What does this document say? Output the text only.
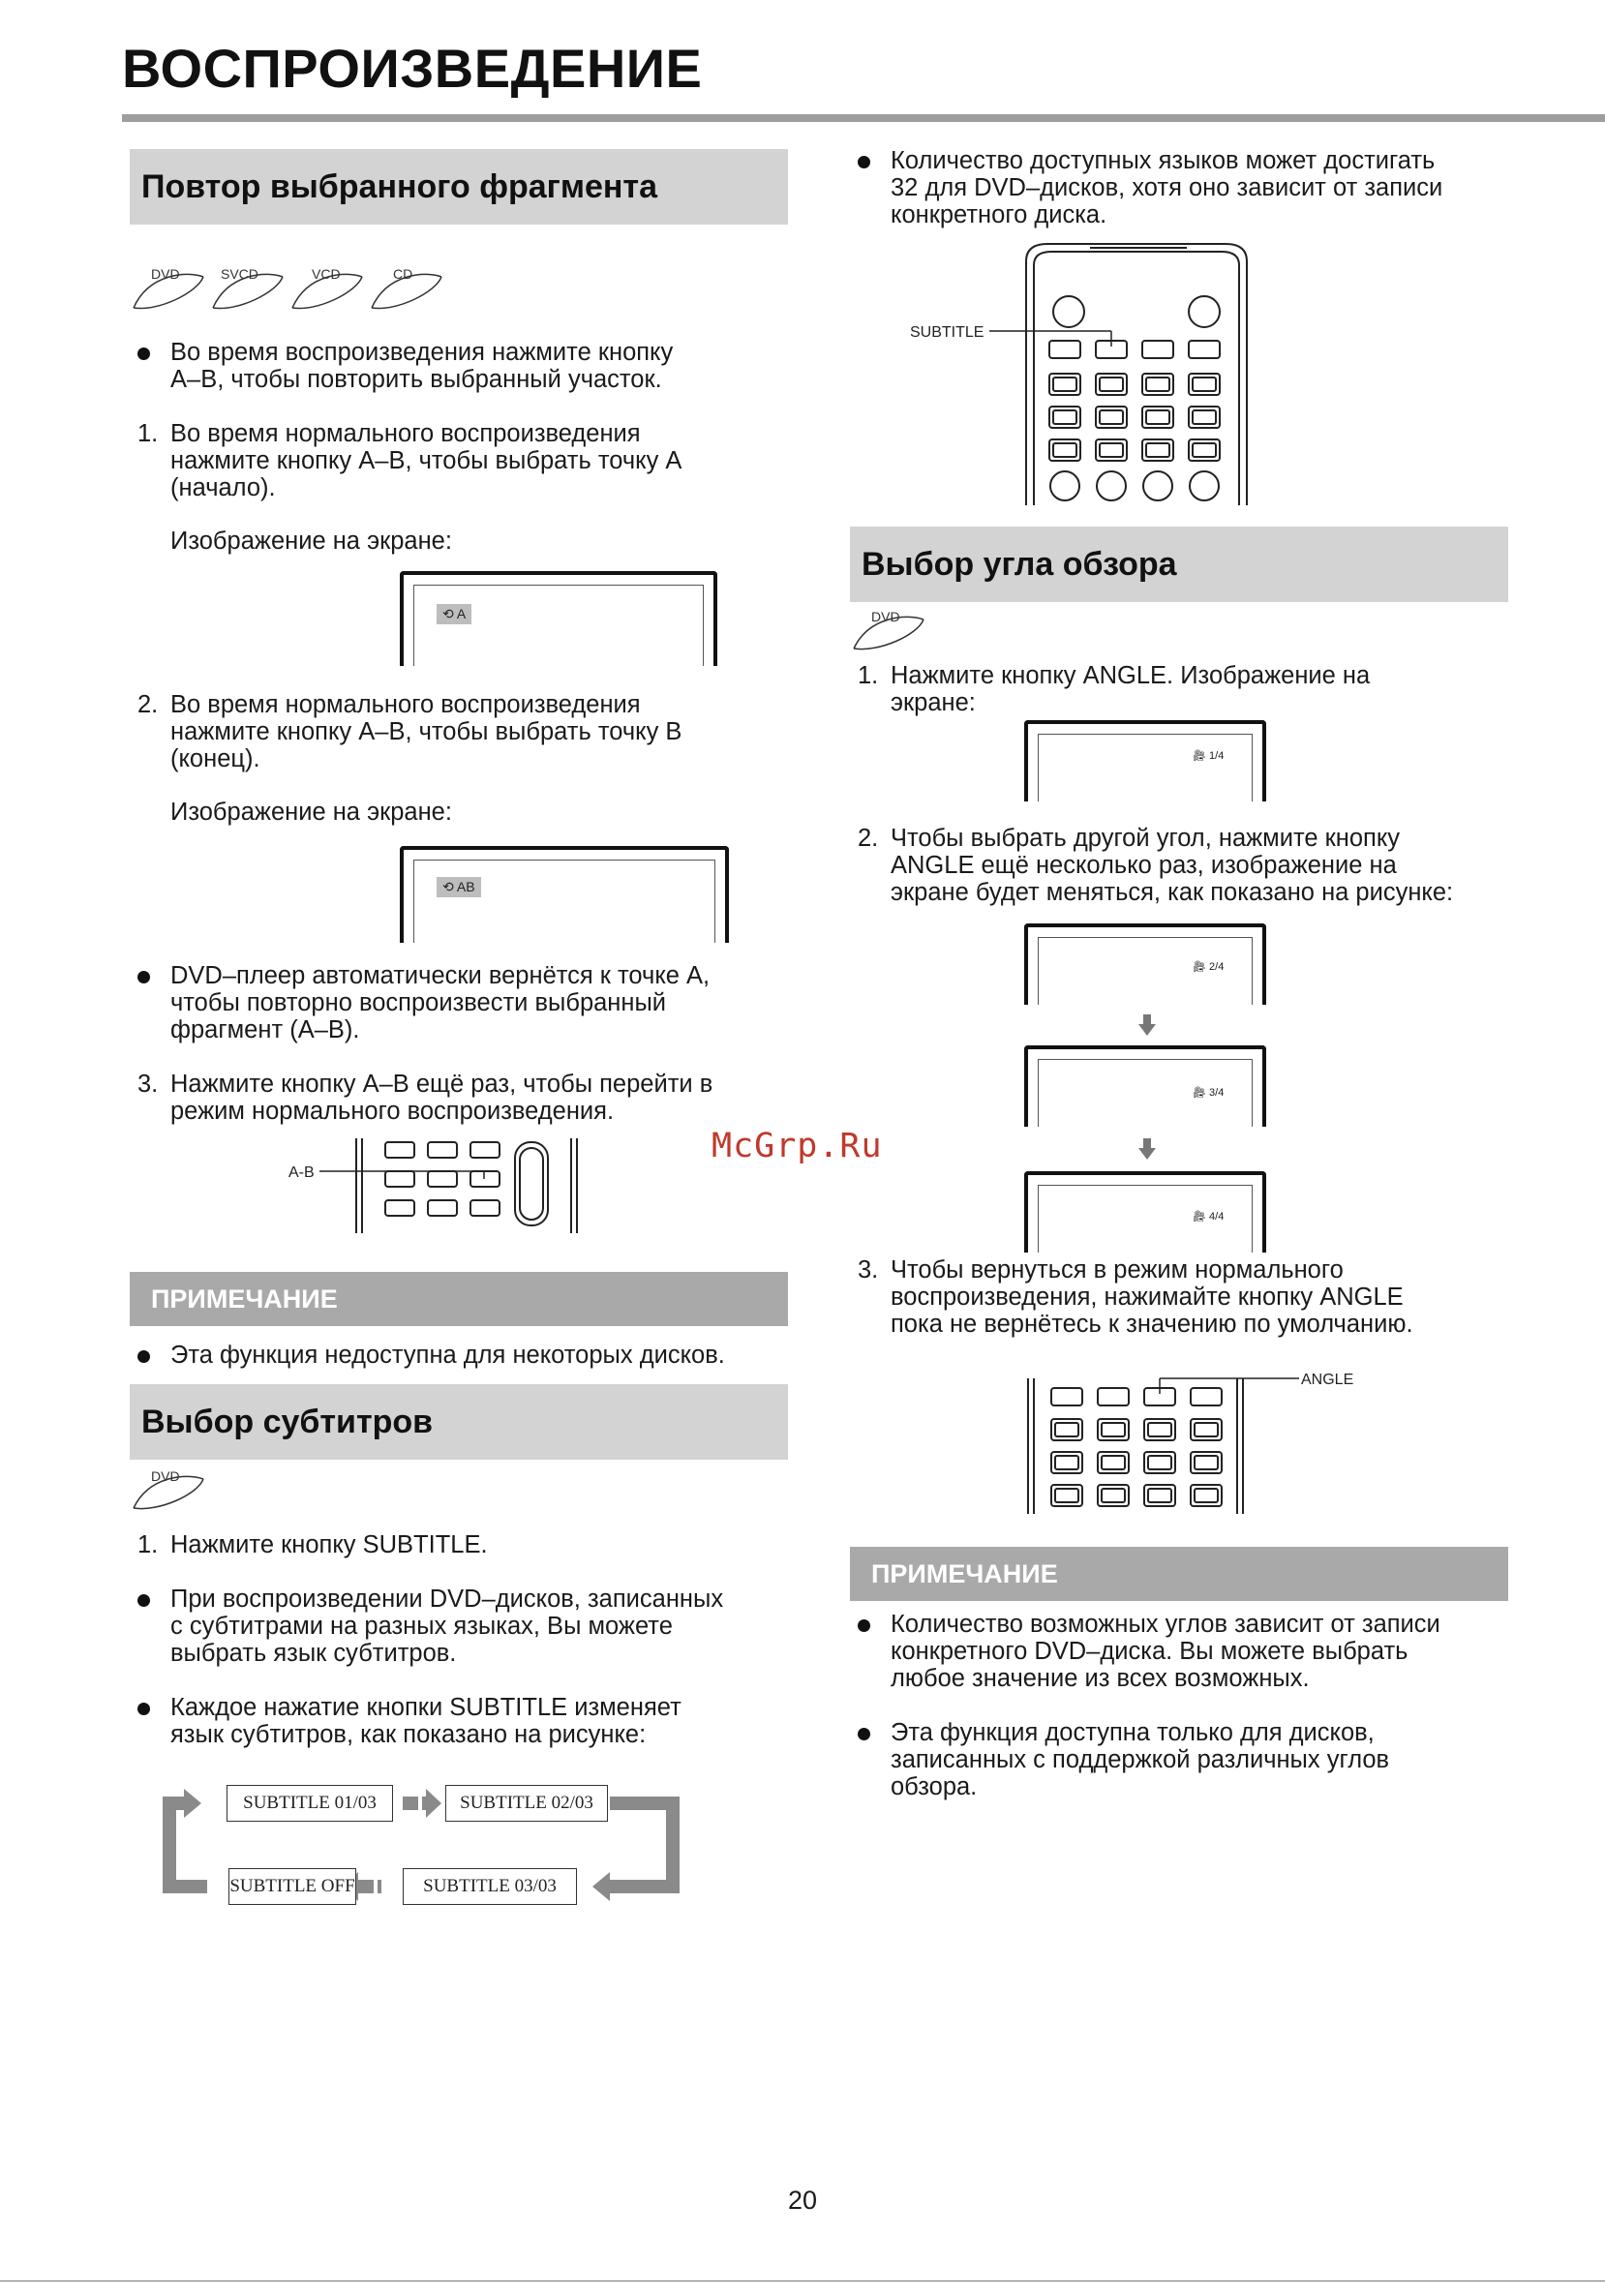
ВОСПРОИЗВЕДЕНИЕ
Повтор выбранного фрагмента
DVD	SVCD	VCD	CD
Во время воспроизведения нажмите кнопку
A–B, чтобы повторить выбранный участок.
1. Во время нормального воспроизведения
нажмите кнопку A–B, чтобы выбрать точку A
(начало).
Изображение на экране:
⟲ A
2. Во время нормального воспроизведения
нажмите кнопку A–B, чтобы выбрать точку B
(конец).
Изображение на экране:
⟲ AB
DVD–плеер автоматически вернётся к точке A,
чтобы повторно воспроизвести выбранный
фрагмент (A–B).
3. Нажмите кнопку A–B ещё раз, чтобы перейти в
режим нормального воспроизведения.
A-B
ПРИМЕЧАНИЕ
Эта функция недоступна для некоторых дисков.
Выбор субтитров
DVD
1. Нажмите кнопку SUBTITLE.
При воспроизведении DVD–дисков, записанных
с субтитрами на разных языках, Вы можете
выбрать язык субтитров.
Каждое нажатие кнопки SUBTITLE изменяет
язык субтитров, как показано на рисунке:
SUBTITLE 01/03	SUBTITLE 02/03
SUBTITLE 03/03
SUBTITLE OFF
Количество доступных языков может достигать
32 для DVD–дисков, хотя оно зависит от записи
конкретного диска.
SUBTITLE
Выбор угла обзора
DVD
1. Нажмите кнопку ANGLE. Изображение на
экране:
🎥︎ 1/4
2. Чтобы выбрать другой угол, нажмите кнопку
ANGLE ещё несколько раз, изображение на
экране будет меняться, как показано на рисунке:
🎥︎ 2/4
🎥︎ 3/4
🎥︎ 4/4
3. Чтобы вернуться в режим нормального
воспроизведения, нажимайте кнопку ANGLE
пока не вернётесь к значению по умолчанию.
ANGLE
ПРИМЕЧАНИЕ
Количество возможных углов зависит от записи
конкретного DVD–диска. Вы можете выбрать
любое значение из всех возможных.
Эта функция доступна только для дисков,
записанных с поддержкой различных углов
обзора.
McGrp.Ru
20
